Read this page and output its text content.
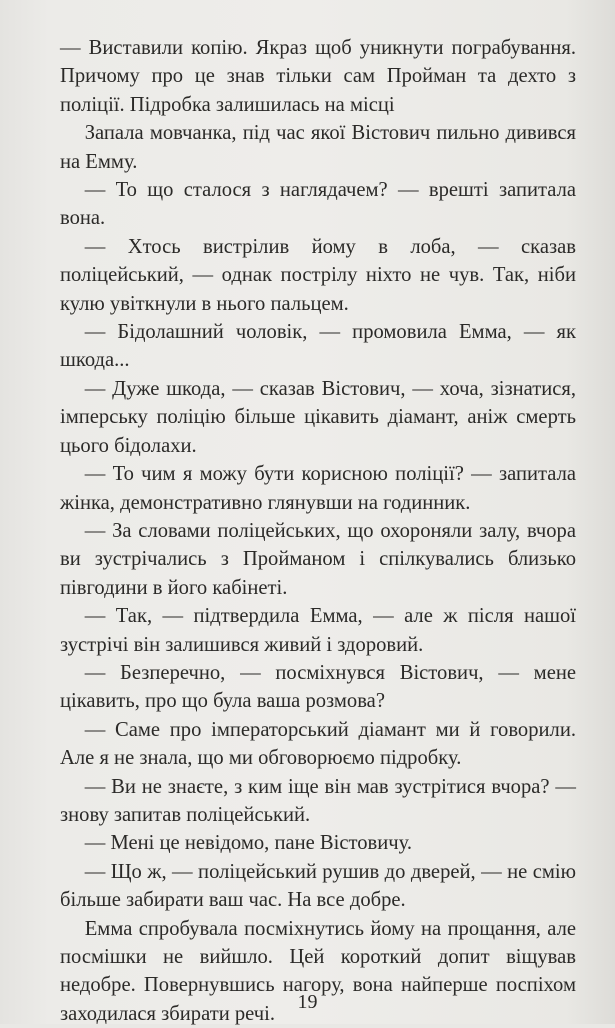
— Виставили копію. Якраз щоб уникнути пограбування. Причому про це знав тільки сам Пройман та дехто з поліції. Підробка залишилась на місці

Запала мовчанка, під час якої Вістович пильно дивився на Емму.

— То що сталося з наглядачем? — врешті запитала вона.

— Хтось вистрілив йому в лоба, — сказав поліцейський, — однак пострілу ніхто не чув. Так, ніби кулю увіткнули в нього пальцем.

— Бідолашний чоловік, — промовила Емма, — як шкода...

— Дуже шкода, — сказав Вістович, — хоча, зізнатися, імперську поліцію більше цікавить діамант, аніж смерть цього бідолахи.

— То чим я можу бути корисною поліції? — запитала жінка, демонстративно глянувши на годинник.

— За словами поліцейських, що охороняли залу, вчора ви зустрічались з Пройманом і спілкувались близько півгодини в його кабінеті.

— Так, — підтвердила Емма, — але ж після нашої зустрічі він залишився живий і здоровий.

— Безперечно, — посміхнувся Вістович, — мене цікавить, про що була ваша розмова?

— Саме про імператорський діамант ми й говорили. Але я не знала, що ми обговорюємо підробку.

— Ви не знаєте, з ким іще він мав зустрітися вчора? — знову запитав поліцейський.

— Мені це невідомо, пане Вістовичу.

— Що ж, — поліцейський рушив до дверей, — не смію більше забирати ваш час. На все добре.

Емма спробувала посміхнутись йому на прощання, але посмішки не вийшло. Цей короткий допит віщував недобре. Повернувшись нагору, вона найперше поспіхом заходилася збирати речі.

19
